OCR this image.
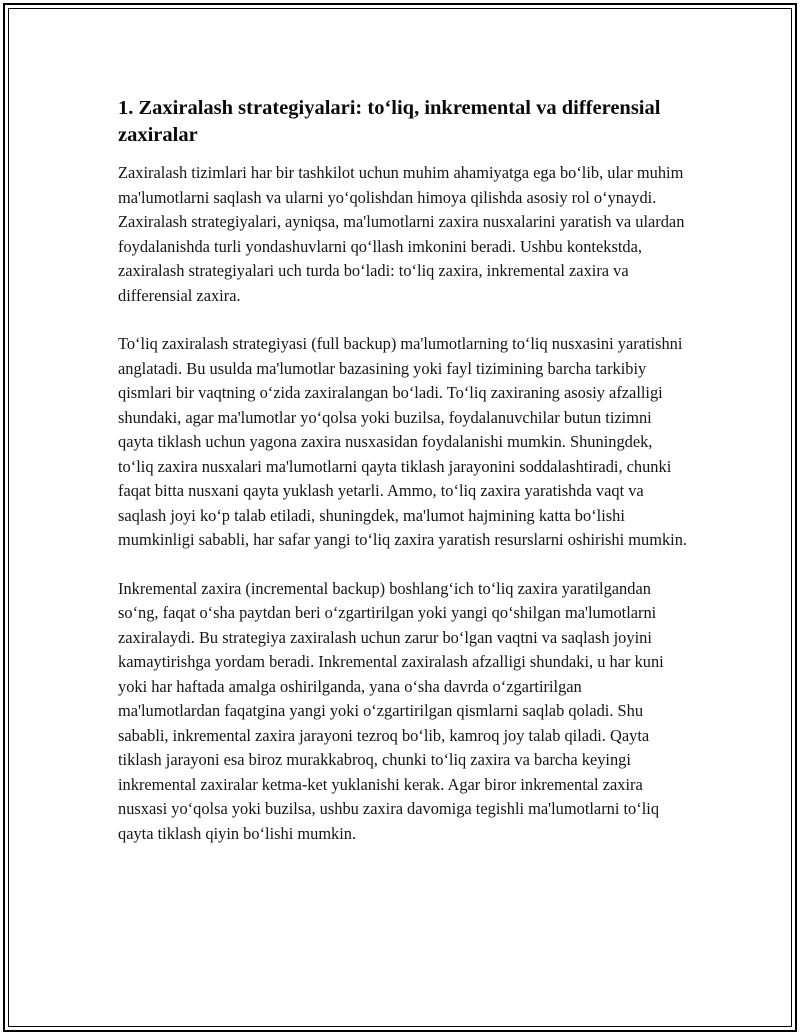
1. Zaxiralash strategiyalari: to‘liq, inkremental va differensial zaxiralar

Zaxiralash tizimlari har bir tashkilot uchun muhim ahamiyatga ega bo‘lib, ular muhim ma'lumotlarni saqlash va ularni yo‘qolishdan himoya qilishda asosiy rol o‘ynaydi. Zaxiralash strategiyalari, ayniqsa, ma'lumotlarni zaxira nusxalarini yaratish va ulardan foydalanishda turli yondashuvlarni qo‘llash imkonini beradi. Ushbu kontekstda, zaxiralash strategiyalari uch turda bo‘ladi: to‘liq zaxira, inkremental zaxira va differensial zaxira.

To‘liq zaxiralash strategiyasi (full backup) ma'lumotlarning to‘liq nusxasini yaratishni anglatadi. Bu usulda ma'lumotlar bazasining yoki fayl tizimining barcha tarkibiy qismlari bir vaqtning o‘zida zaxiralangan bo‘ladi. To‘liq zaxiraning asosiy afzalligi shundaki, agar ma'lumotlar yo‘qolsa yoki buzilsa, foydalanuvchilar butun tizimni qayta tiklash uchun yagona zaxira nusxasidan foydalanishi mumkin. Shuningdek, to‘liq zaxira nusxalari ma'lumotlarni qayta tiklash jarayonini soddalashtiradi, chunki faqat bitta nusxani qayta yuklash yetarli. Ammo, to‘liq zaxira yaratishda vaqt va saqlash joyi ko‘p talab etiladi, shuningdek, ma'lumot hajmining katta bo‘lishi mumkinligi sababli, har safar yangi to‘liq zaxira yaratish resurslarni oshirishi mumkin.

Inkremental zaxira (incremental backup) boshlang‘ich to‘liq zaxira yaratilgandan so‘ng, faqat o‘sha paytdan beri o‘zgartirilgan yoki yangi qo‘shilgan ma'lumotlarni zaxiralaydi. Bu strategiya zaxiralash uchun zarur bo‘lgan vaqtni va saqlash joyini kamaytirishga yordam beradi. Inkremental zaxiralash afzalligi shundaki, u har kuni yoki har haftada amalga oshirilganda, yana o‘sha davrda o‘zgartirilgan ma'lumotlardan faqatgina yangi yoki o‘zgartirilgan qismlarni saqlab qoladi. Shu sababli, inkremental zaxira jarayoni tezroq bo‘lib, kamroq joy talab qiladi. Qayta tiklash jarayoni esa biroz murakkabroq, chunki to‘liq zaxira va barcha keyingi inkremental zaxiralar ketma-ket yuklanishi kerak. Agar biror inkremental zaxira nusxasi yo‘qolsa yoki buzilsa, ushbu zaxira davomiga tegishli ma'lumotlarni to‘liq qayta tiklash qiyin bo‘lishi mumkin.
